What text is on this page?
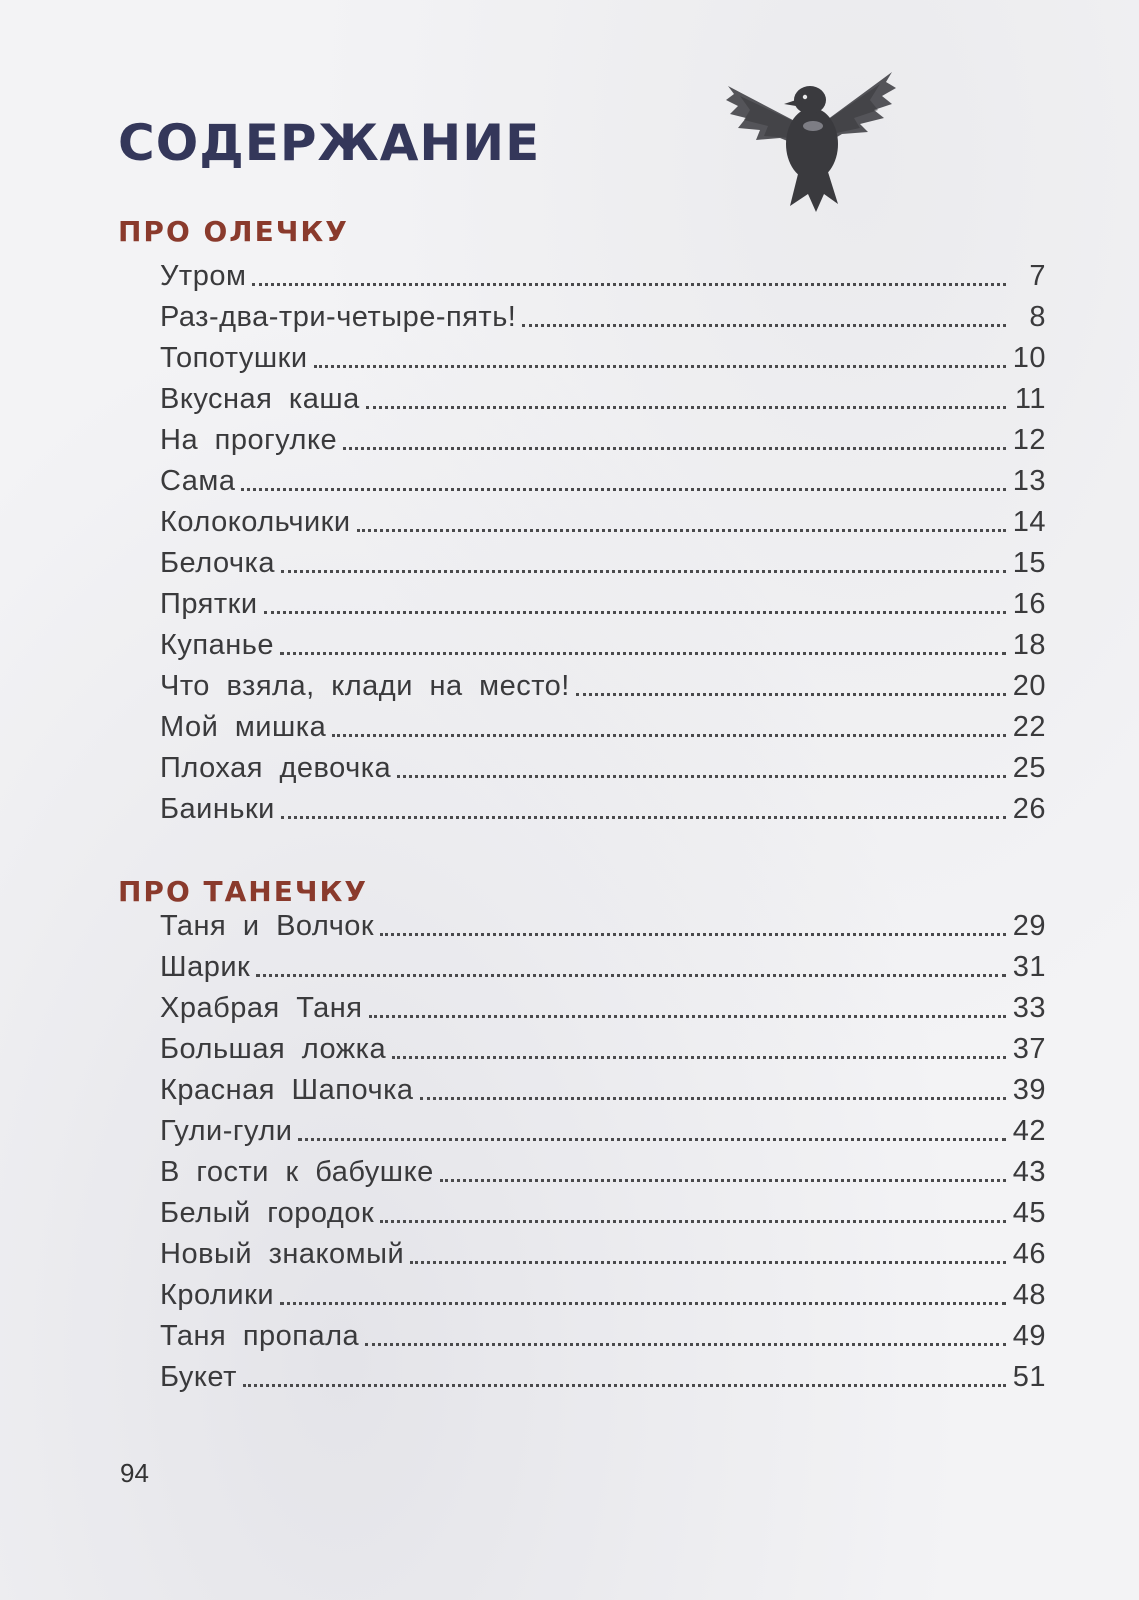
СОДЕРЖАНИЕ
ПРО ОЛЕЧКУ
Утром	7
Раз-два-три-четыре-пять!	8
Топотушки	10
Вкусная каша	11
На прогулке	12
Сама	13
Колокольчики	14
Белочка	15
Прятки	16
Купанье	18
Что взяла, клади на место!	20
Мой мишка	22
Плохая девочка	25
Баиньки	26
ПРО ТАНЕЧКУ
Таня и Волчок	29
Шарик	31
Храбрая Таня	33
Большая ложка	37
Красная Шапочка	39
Гули-гули	42
В гости к бабушке	43
Белый городок	45
Новый знакомый	46
Кролики	48
Таня пропала	49
Букет	51
94
